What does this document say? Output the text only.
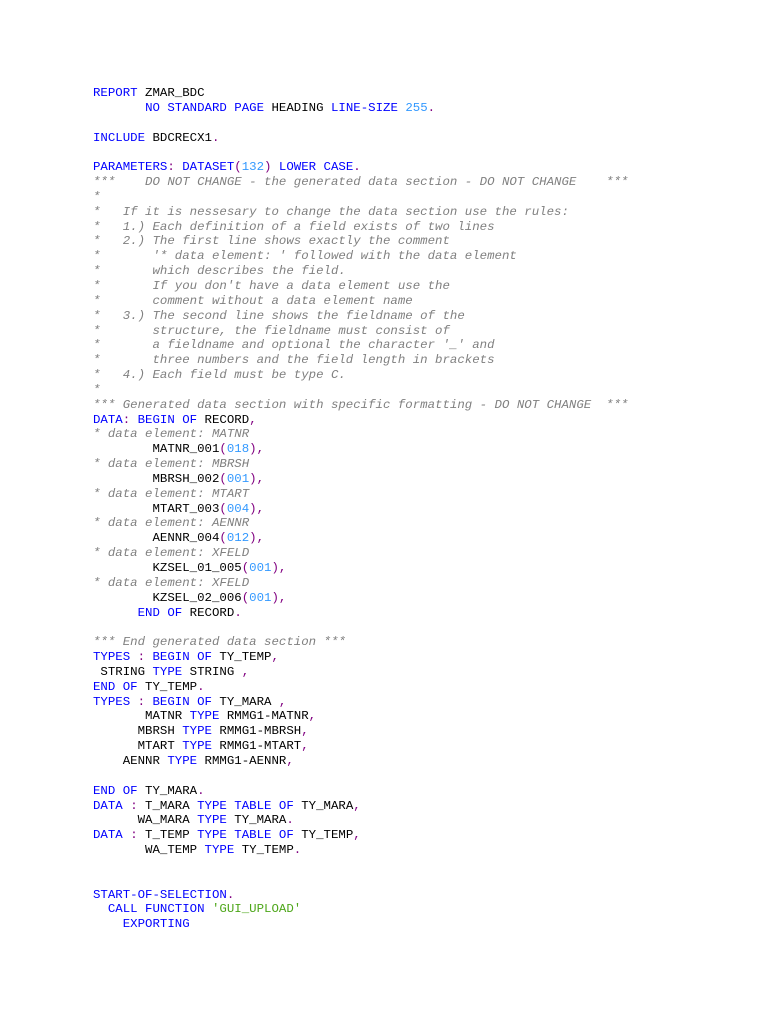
REPORT ZMAR_BDC
NO STANDARD PAGE HEADING LINE-SIZE 255.
INCLUDE BDCRECX1.
PARAMETERS: DATASET(132) LOWER CASE.
***    DO NOT CHANGE - the generated data section - DO NOT CHANGE    ***
*
*   If it is nessesary to change the data section use the rules:
*   1.) Each definition of a field exists of two lines
*   2.) The first line shows exactly the comment
*       '* data element: ' followed with the data element
*       which describes the field.
*       If you don't have a data element use the
*       comment without a data element name
*   3.) The second line shows the fieldname of the
*       structure, the fieldname must consist of
*       a fieldname and optional the character '_' and
*       three numbers and the field length in brackets
*   4.) Each field must be type C.
*
*** Generated data section with specific formatting - DO NOT CHANGE  ***
DATA: BEGIN OF RECORD,
* data element: MATNR
MATNR_001(018),
* data element: MBRSH
MBRSH_002(001),
* data element: MTART
MTART_003(004),
* data element: AENNR
AENNR_004(012),
* data element: XFELD
KZSEL_01_005(001),
* data element: XFELD
KZSEL_02_006(001),
END OF RECORD.
*** End generated data section ***
TYPES : BEGIN OF TY_TEMP,
STRING TYPE STRING ,
END OF TY_TEMP.
TYPES : BEGIN OF TY_MARA ,
MATNR TYPE RMMG1-MATNR,
MBRSH TYPE RMMG1-MBRSH,
MTART TYPE RMMG1-MTART,
AENNR TYPE RMMG1-AENNR,
END OF TY_MARA.
DATA : T_MARA TYPE TABLE OF TY_MARA,
WA_MARA TYPE TY_MARA.
DATA : T_TEMP TYPE TABLE OF TY_TEMP,
WA_TEMP TYPE TY_TEMP.
START-OF-SELECTION.
CALL FUNCTION 'GUI_UPLOAD'
EXPORTING
